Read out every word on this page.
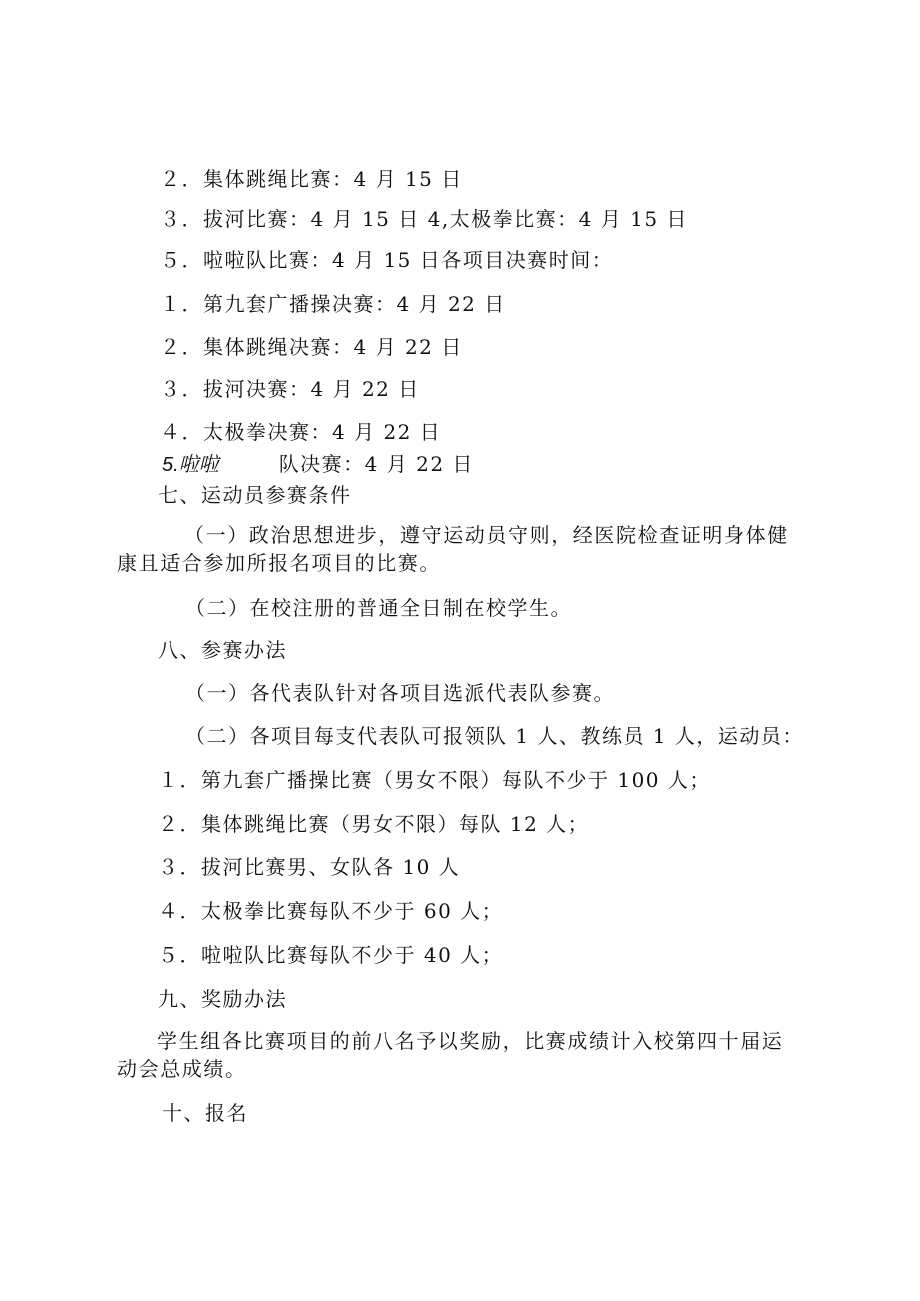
２．集体跳绳比赛：4 月 15 日
３．拔河比赛：4 月 15 日 4,太极拳比赛：4 月 15 日
５．啦啦队比赛：4 月 15 日各项目决赛时间：
１．第九套广播操决赛：4 月 22 日
２．集体跳绳决赛：4 月 22 日
３．拔河决赛：4 月 22 日
４．太极拳决赛：4 月 22 日
5.啦啦	队决赛：4 月 22 日
七、运动员参赛条件
（一）政治思想进步，遵守运动员守则，经医院检查证明身体健康且适合参加所报名项目的比赛。
（二）在校注册的普通全日制在校学生。
八、参赛办法
（一）各代表队针对各项目选派代表队参赛。
（二）各项目每支代表队可报领队 1 人、教练员 1 人，运动员：
１．第九套广播操比赛（男女不限）每队不少于 100 人；
２．集体跳绳比赛（男女不限）每队 12 人；
３．拔河比赛男、女队各 10 人
４．太极拳比赛每队不少于 60 人；
５．啦啦队比赛每队不少于 40 人；
九、奖励办法
学生组各比赛项目的前八名予以奖励，比赛成绩计入校第四十届运动会总成绩。
十、报名
